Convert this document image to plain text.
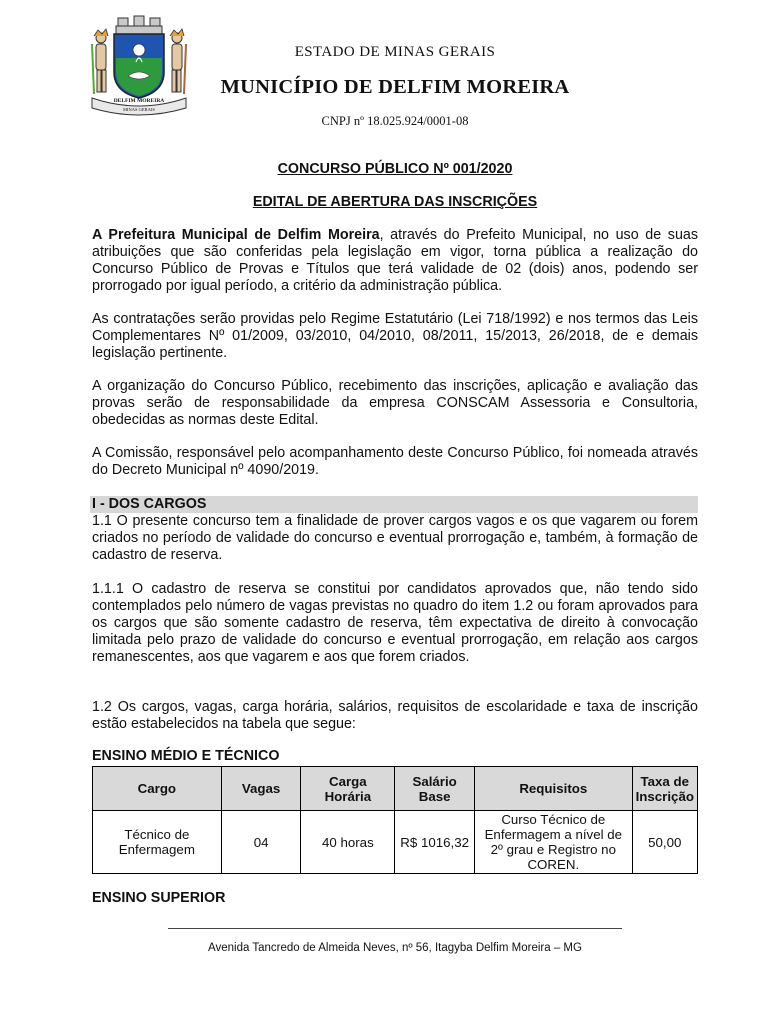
DELFIM MOREIRA
MINAS GERAIS
ESTADO DE MINAS GERAIS
MUNICÍPIO DE DELFIM MOREIRA
CNPJ nº 18.025.924/0001-08
CONCURSO PÚBLICO Nº 001/2020
EDITAL DE ABERTURA DAS INSCRIÇÕES
A Prefeitura Municipal de Delfim Moreira, através do Prefeito Municipal, no uso de suas atribuições que são conferidas pela legislação em vigor, torna pública a realização do Concurso Público de Provas e Títulos que terá validade de 02 (dois) anos, podendo ser prorrogado por igual período, a critério da administração pública.
As contratações serão providas pelo Regime Estatutário (Lei 718/1992) e nos termos das Leis Complementares Nº 01/2009, 03/2010, 04/2010, 08/2011, 15/2013, 26/2018, de e demais legislação pertinente.
A organização do Concurso Público, recebimento das inscrições, aplicação e avaliação das provas serão de responsabilidade da empresa CONSCAM Assessoria e Consultoria, obedecidas as normas deste Edital.
A Comissão, responsável pelo acompanhamento deste Concurso Público, foi nomeada através do Decreto Municipal nº 4090/2019.
I - DOS CARGOS
1.1 O presente concurso tem a finalidade de prover cargos vagos e os que vagarem ou forem criados no período de validade do concurso e eventual prorrogação e, também, à formação de cadastro de reserva.
1.1.1 O cadastro de reserva se constitui por candidatos aprovados que, não tendo sido contemplados pelo número de vagas previstas no quadro do item 1.2 ou foram aprovados para os cargos que são somente cadastro de reserva, têm expectativa de direito à convocação limitada pelo prazo de validade do concurso e eventual prorrogação, em relação aos cargos remanescentes, aos que vagarem e aos que forem criados.
1.2 Os cargos, vagas, carga horária, salários, requisitos de escolaridade e taxa de inscrição estão estabelecidos na tabela que segue:
ENSINO MÉDIO E TÉCNICO
Cargo	Vagas	Carga Horária	Salário Base	Requisitos	Taxa de Inscrição
Técnico de Enfermagem	04	40 horas	R$ 1016,32	Curso Técnico de Enfermagem a nível de 2º grau e Registro no COREN.	50,00
ENSINO SUPERIOR
Avenida Tancredo de Almeida Neves, nº 56, Itagyba Delfim Moreira – MG
